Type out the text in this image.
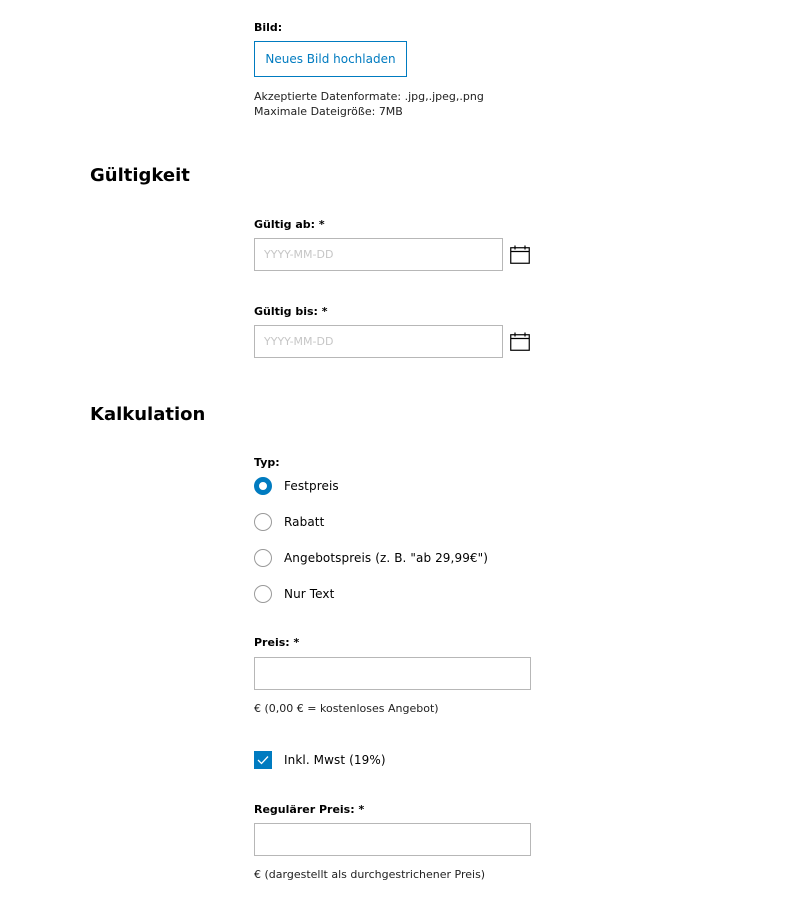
Bild:
Neues Bild hochladen
Akzeptierte Datenformate: .jpg,.jpeg,.png
Maximale Dateigröße: 7MB
Gültigkeit
Gültig ab: *
YYYY-MM-DD
Gültig bis: *
YYYY-MM-DD
Kalkulation
Typ:
Festpreis
Rabatt
Angebotspreis (z. B. "ab 29,99€")
Nur Text
Preis: *
€ (0,00 € = kostenloses Angebot)
Inkl. Mwst (19%)
Regulärer Preis: *
€ (dargestellt als durchgestrichener Preis)
